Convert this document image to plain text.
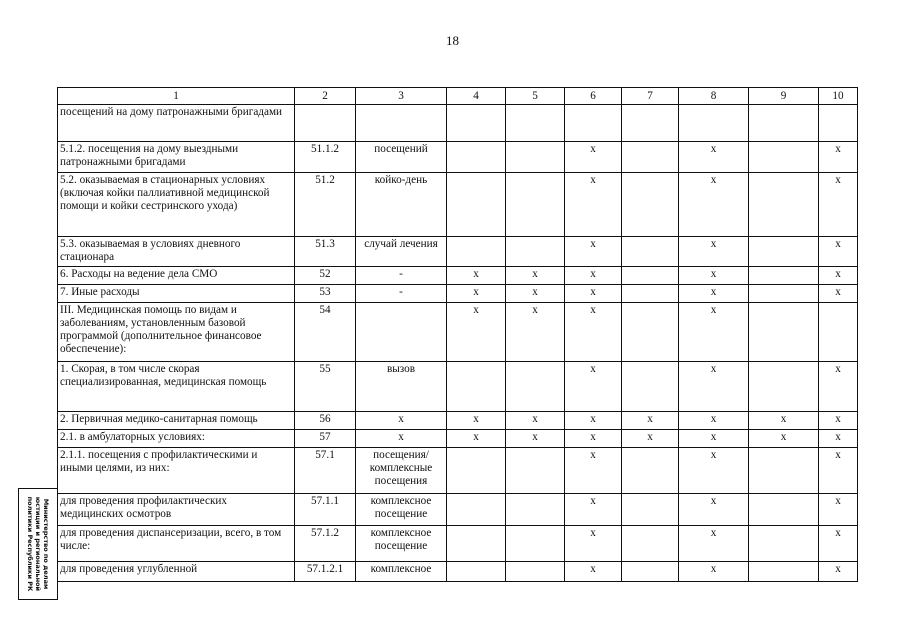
18
1	2	3	4	5	6	7	8	9	10
посещений на дому патронажными бригадами									
5.1.2. посещения на дому выездными патронажными бригадами	51.1.2	посещений			х		х		х
5.2. оказываемая в стационарных условиях (включая койки паллиативной медицинской помощи и койки сестринского ухода)	51.2	койко-день			х		х		х
5.3. оказываемая в условиях дневного стационара	51.3	случай лечения			х		х		х
6. Расходы на ведение дела СМО	52	-	х	х	х		х		х
7. Иные расходы	53	-	х	х	х		х		х
III. Медицинская помощь по видам и заболеваниям, установленным базовой программой (дополнительное финансовое обеспечение):	54		х	х	х		х		
1. Скорая, в том числе скорая специализированная, медицинская помощь	55	вызов			х		х		х
2. Первичная медико-санитарная помощь	56	х	х	х	х	х	х	х	х
2.1. в амбулаторных условиях:	57	х	х	х	х	х	х	х	х
2.1.1. посещения с профилактическими и иными целями, из них:	57.1	посещения/ комплексные посещения			х		х		х
для проведения профилактических медицинских осмотров	57.1.1	комплексное посещение			х		х		х
для проведения диспансеризации, всего, в том числе:	57.1.2	комплексное посещение			х		х		х
для проведения углубленной	57.1.2.1	комплексное			х		х		х
Министерство по делам
юстиции и региональной
политики Республики РК
